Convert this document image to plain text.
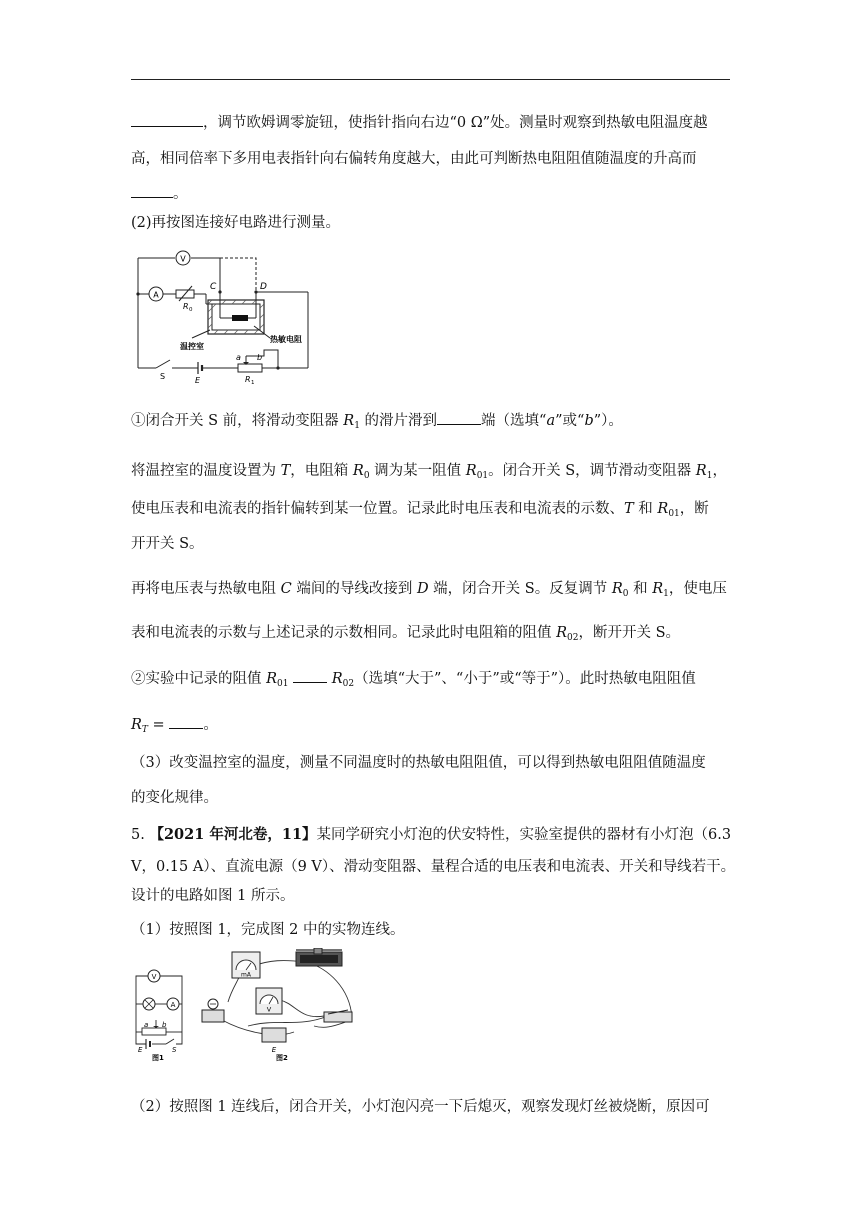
，调节欧姆调零旋钮，使指针指向右边“0 Ω”处。测量时观察到热敏电阻温度越
高，相同倍率下多用电表指针向右偏转角度越大，由此可判断热电阻阻值随温度的升高而
。
(2)再按图连接好电路进行测量。
V
A
C	D
R 0
热敏电阻
温控室
S	E
a b
R 1
①闭合开关 S 前，将滑动变阻器 $R_1$ 的滑片滑到	端（选填“a”或“b”）。
将温控室的温度设置为 T，电阻箱 $R_0$ 调为某一阻值 $R_{01}$。闭合开关 S，调节滑动变阻器 $R_1$，
使电压表和电流表的指针偏转到某一位置。记录此时电压表和电流表的示数、T 和 $R_{01}$，断
开开关 S。
再将电压表与热敏电阻 C 端间的导线改接到 D 端，闭合开关 S。反复调节 $R_0$ 和 $R_1$，使电压
表和电流表的示数与上述记录的示数相同。记录此时电阻箱的阻值 $R_{02}$，断开开关 S。
②实验中记录的阻值 $R_{01}$	$R_{02}$（选填“大于”、“小于”或“等于”）。此时热敏电阻阻值
$R_T$ = 。
（3）改变温控室的温度，测量不同温度时的热敏电阻阻值，可以得到热敏电阻阻值随温度
的变化规律。
5. 【2021 年河北卷，11】某同学研究小灯泡的伏安特性，实验室提供的器材有小灯泡（6.3
V，0.15 A）、直流电源（9 V）、滑动变阻器、量程合适的电压表和电流表、开关和导线若干。
设计的电路如图 1 所示。
（1）按照图 1，完成图 2 中的实物连线。
V
A
a b
E	S
图1
mA
V
E
图2
（2）按照图 1 连线后，闭合开关，小灯泡闪亮一下后熄灭，观察发现灯丝被烧断，原因可
